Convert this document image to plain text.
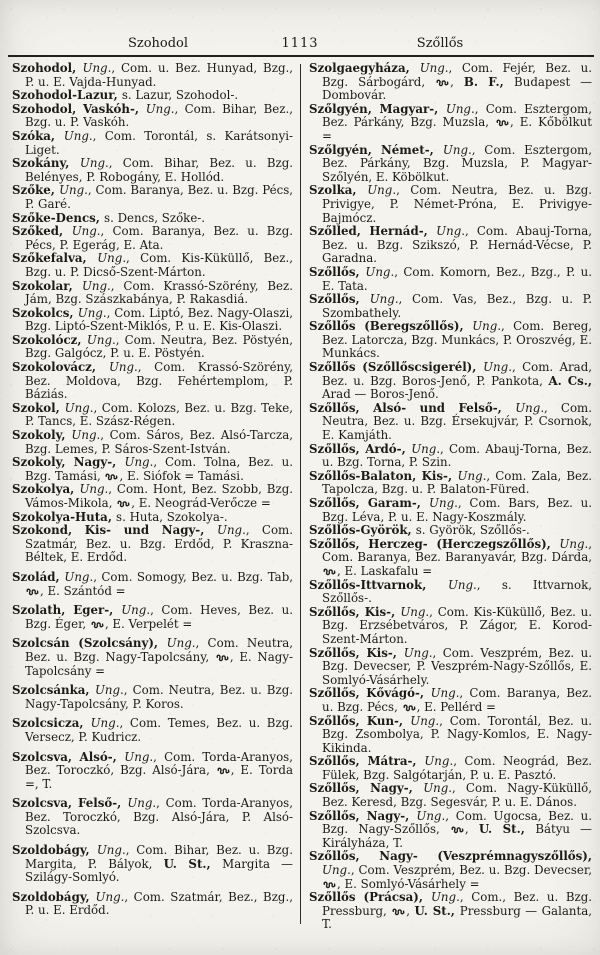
Szohodol	1113	Szőllős

Szohodol, Ung., Com. u. Bez. Hunyad, Bzg., P. u. E. Vajda-Hunyad.

Szohodol-Lazur, s. Lazur, Szohodol-.

Szohodol, Vaskóh-, Ung., Com. Bihar, Bez., Bzg. u. P. Vaskóh.

Szóka, Ung., Com. Torontál, s. Karátsonyi-Liget.

Szokány, Ung., Com. Bihar, Bez. u. Bzg. Belényes, P. Robogány, E. Hollód.

Szőke, Ung., Com. Baranya, Bez. u. Bzg. Pécs, P. Garé.

Szőke-Dencs, s. Dencs, Szőke-.

Szőked, Ung., Com. Baranya, Bez. u. Bzg. Pécs, P. Egerág, E. Ata.

Szőkefalva, Ung., Com. Kis-Küküllő, Bez., Bzg. u. P. Dicső-Szent-Márton.

Szokolar, Ung., Com. Krassó-Szörény, Bez. Jám, Bzg. Szászkabánya, P. Rakasdiá.

Szokolcs, Ung., Com. Liptó, Bez. Nagy-Olaszi, Bzg. Liptó-Szent-Miklós, P. u. E. Kis-Olaszi.

Szokolócz, Ung., Com. Neutra, Bez. Pöstyén, Bzg. Galgócz, P. u. E. Pöstyén.

Szokolovácz, Ung., Com. Krassó-Szörény, Bez. Moldova, Bzg. Fehértemplom, P. Báziás.

Szokol, Ung., Com. Kolozs, Bez. u. Bzg. Teke, P. Tancs, E. Szász-Régen.

Szokoly, Ung., Com. Sáros, Bez. Alsó-Tarcza, Bzg. Lemes, P. Sáros-Szent-István.

Szokoly, Nagy-, Ung., Com. Tolna, Bez. u. Bzg. Tamási,
, E. Siófok = Tamási.

Szokolya, Ung., Com. Hont, Bez. Szobb, Bzg. Vámos-Mikola,
, E. Neográd-Verőcze =

Szokolya-Huta, s. Huta, Szokolya-.

Szokond, Kis- und Nagy-, Ung., Com. Szatmár, Bez. u. Bzg. Erdőd, P. Kraszna-Béltek, E. Erdőd.

Szolád, Ung., Com. Somogy, Bez. u. Bzg. Tab,
, E. Szántód =

Szolath, Eger-, Ung., Com. Heves, Bez. u. Bzg. Éger,
, E. Verpelét =

Szolcsán (Szolcsány), Ung., Com. Neutra, Bez. u. Bzg. Nagy-Tapolcsány,
, E. Nagy-Tapolcsány =

Szolcsánka, Ung., Com. Neutra, Bez. u. Bzg. Nagy-Tapolcsány, P. Koros.

Szolcsicza, Ung., Com. Temes, Bez. u. Bzg. Versecz, P. Kudricz.

Szolcsva, Alsó-, Ung., Com. Torda-Aranyos, Bez. Toroczkó, Bzg. Alsó-Jára,
, E. Torda =, T.

Szolcsva, Felső-, Ung., Com. Torda-Aranyos, Bez. Toroczkó, Bzg. Alsó-Jára, P. Alsó-Szolcsva.

Szoldobágy, Ung., Com. Bihar, Bez. u. Bzg. Margita, P. Bályok, U. St., Margita — Szilágy-Somlyó.

Szoldobágy, Ung., Com. Szatmár, Bez., Bzg., P. u. E. Erdőd.

Szolgaegyháza, Ung., Com. Fejér, Bez. u. Bzg. Sárbogárd,
, B. F., Budapest — Dombovár.

Szőlgyén, Magyar-, Ung., Com. Esztergom, Bez. Párkány, Bzg. Muzsla,
, E. Kőbölkut =

Szőlgyén, Német-, Ung., Com. Esztergom, Bez. Párkány, Bzg. Muzsla, P. Magyar-Szőlyén, E. Köbölkut.

Szolka, Ung., Com. Neutra, Bez. u. Bzg. Privigye, P. Német-Próna, E. Privigye-Bajmócz.

Szőlled, Hernád-, Ung., Com. Abauj-Torna, Bez. u. Bzg. Szikszó, P. Hernád-Vécse, P. Garadna.

Szőllős, Ung., Com. Komorn, Bez., Bzg., P. u. E. Tata.

Szőllős, Ung., Com. Vas, Bez., Bzg. u. P. Szombathely.

Szőllős (Beregszőllős), Ung., Com. Bereg, Bez. Latorcza, Bzg. Munkács, P. Oroszvég, E. Munkács.

Szőllős (Szőllőscsigerél), Ung., Com. Arad, Bez. u. Bzg. Boros-Jenő, P. Pankota, A. Cs., Arad — Boros-Jenő.

Szőllős, Alsó- und Felső-, Ung., Com. Neutra, Bez. u. Bzg. Érsekujvár, P. Csornok, E. Kamjáth.

Szőllős, Ardó-, Ung., Com. Abauj-Torna, Bez. u. Bzg. Torna, P. Szin.

Szőllős-Balaton, Kis-, Ung., Com. Zala, Bez. Tapolcza, Bzg. u. P. Balaton-Füred.

Szőllős, Garam-, Ung., Com. Bars, Bez. u. Bzg. Léva, P. u. E. Nagy-Koszmály.

Szőllős-Györök, s. Györök, Szőllős-.

Szőllős, Herczeg- (Herczegszőllős), Ung., Com. Baranya, Bez. Baranyavár, Bzg. Dárda,
, E. Laskafalu =

Szőllős-Ittvarnok, Ung., s. Ittvarnok, Szőllős-.

Szőllős, Kis-, Ung., Com. Kis-Küküllő, Bez. u. Bzg. Erzsébetváros, P. Zágor, E. Korod-Szent-Márton.

Szőllős, Kis-, Ung., Com. Veszprém, Bez. u. Bzg. Devecser, P. Veszprém-Nagy-Szőllős, E. Somlyó-Vásárhely.

Szőllős, Kővágó-, Ung., Com. Baranya, Bez. u. Bzg. Pécs,
, E. Pellérd =

Szőllős, Kun-, Ung., Com. Torontál, Bez. u. Bzg. Zsombolya, P. Nagy-Komlos, E. Nagy-Kikinda.

Szőllős, Mátra-, Ung., Com. Neográd, Bez. Fülek, Bzg. Salgótarján, P. u. E. Pasztó.

Szőllős, Nagy-, Ung., Com. Nagy-Küküllő, Bez. Keresd, Bzg. Segesvár, P. u. E. Dános.

Szőllős, Nagy-, Ung., Com. Ugocsa, Bez. u. Bzg. Nagy-Szőllős,
, U. St., Bátyu — Királyháza, T.

Szőllős, Nagy- (Veszprémnagyszőllős), Ung., Com. Veszprém, Bez. u. Bzg. Devecser,
, E. Somlyó-Vásárhely =

Szőllős (Prácsa), Ung., Com., Bez. u. Bzg. Pressburg,
, U. St., Pressburg — Galanta, T.
